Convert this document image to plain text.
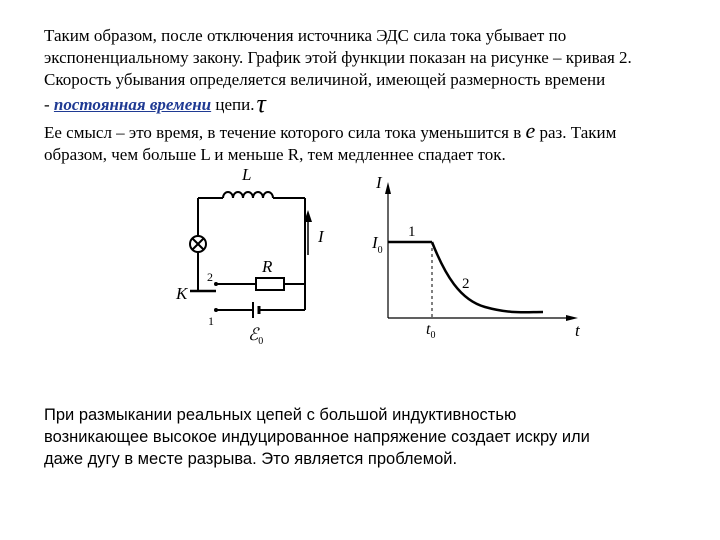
Таким образом, после отключения источника ЭДС сила тока убывает по
экспоненциальному закону. График этой функции показан на рисунке – кривая 2.
Скорость убывания определяется величиной, имеющей размерность времени
- постоянная времени цепи.τ
Ее смысл – это время, в течение которого сила тока уменьшится в e раз. Таким
образом, чем больше L и меньше R, тем медленнее спадает ток.
L
I
R
K
2
1
ℰ$_0$
I
t
$I_0$
$t_0$
1
2
При размыкании реальных цепей с большой индуктивностью
возникающее высокое индуцированное напряжение создает искру или
даже дугу в месте разрыва. Это является проблемой.
